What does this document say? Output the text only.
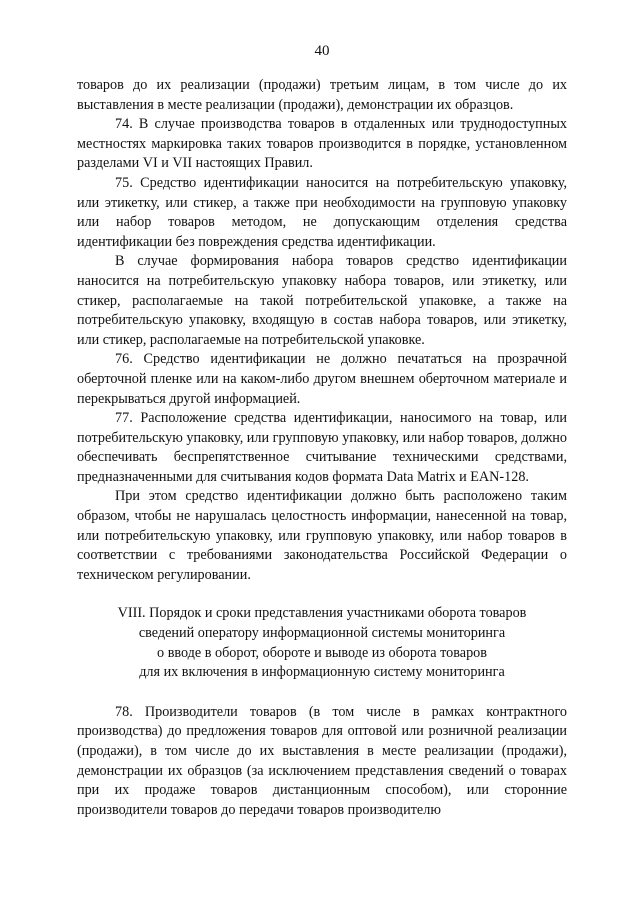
40

товаров до их реализации (продажи) третьим лицам, в том числе до их выставления в месте реализации (продажи), демонстрации их образцов.

74. В случае производства товаров в отдаленных или труднодоступных местностях маркировка таких товаров производится в порядке, установленном разделами VI и VII настоящих Правил.

75. Средство идентификации наносится на потребительскую упаковку, или этикетку, или стикер, а также при необходимости на групповую упаковку или набор товаров методом, не допускающим отделения средства идентификации без повреждения средства идентификации.

В случае формирования набора товаров средство идентификации наносится на потребительскую упаковку набора товаров, или этикетку, или стикер, располагаемые на такой потребительской упаковке, а также на потребительскую упаковку, входящую в состав набора товаров, или этикетку, или стикер, располагаемые на потребительской упаковке.

76. Средство идентификации не должно печататься на прозрачной оберточной пленке или на каком-либо другом внешнем оберточном материале и перекрываться другой информацией.

77. Расположение средства идентификации, наносимого на товар, или потребительскую упаковку, или групповую упаковку, или набор товаров, должно обеспечивать беспрепятственное считывание техническими средствами, предназначенными для считывания кодов формата Data Matrix и EAN-128.

При этом средство идентификации должно быть расположено таким образом, чтобы не нарушалась целостность информации, нанесенной на товар, или потребительскую упаковку, или групповую упаковку, или набор товаров в соответствии с требованиями законодательства Российской Федерации о техническом регулировании.

VIII. Порядок и сроки представления участниками оборота товаров
сведений оператору информационной системы мониторинга
о вводе в оборот, обороте и выводе из оборота товаров
для их включения в информационную систему мониторинга

78. Производители товаров (в том числе в рамках контрактного производства) до предложения товаров для оптовой или розничной реализации (продажи), в том числе до их выставления в месте реализации (продажи), демонстрации их образцов (за исключением представления сведений о товарах при их продаже товаров дистанционным способом), или сторонние производители товаров до передачи товаров производителю
